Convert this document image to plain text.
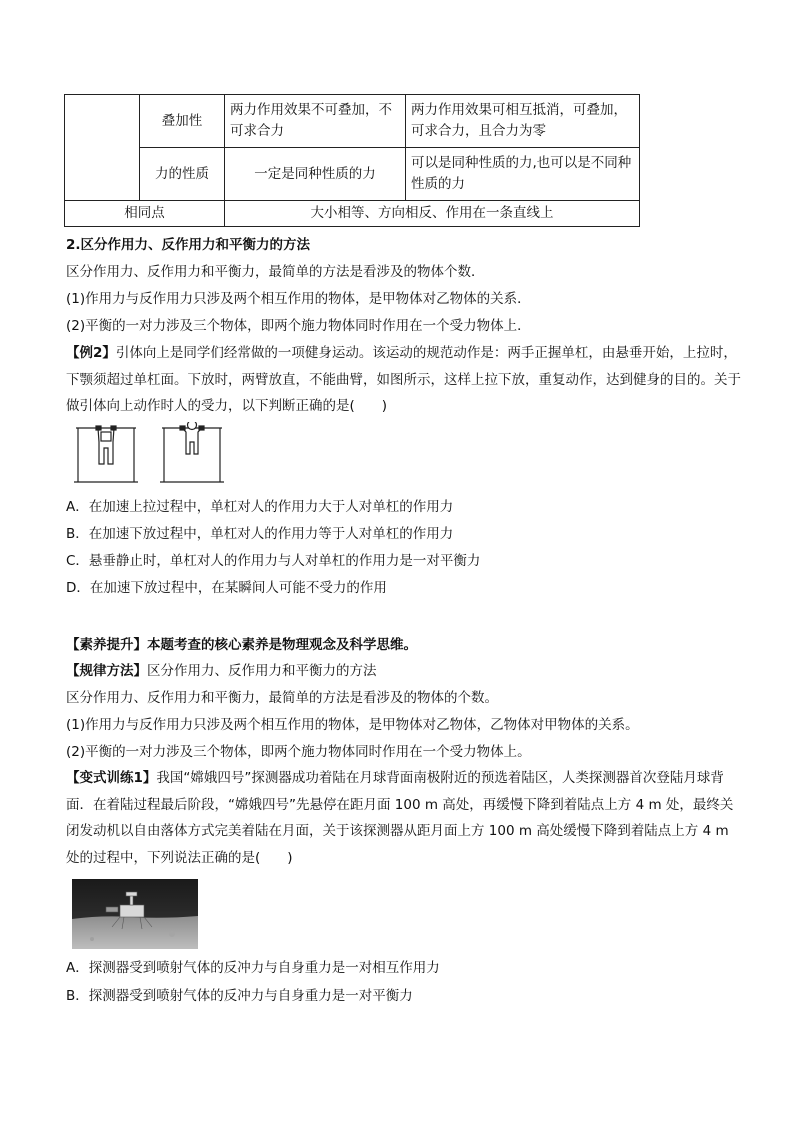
	叠加性	两力作用效果不可叠加，不可求合力	两力作用效果可相互抵消，可叠加，可求合力，且合力为零
	力的性质	一定是同种性质的力	可以是同种性质的力,也可以是不同种性质的力
相同点		大小相等、方向相反、作用在一条直线上	
2.区分作用力、反作用力和平衡力的方法
区分作用力、反作用力和平衡力，最简单的方法是看涉及的物体个数．
(1)作用力与反作用力只涉及两个相互作用的物体，是甲物体对乙物体的关系．
(2)平衡的一对力涉及三个物体，即两个施力物体同时作用在一个受力物体上．
【例2】引体向上是同学们经常做的一项健身运动。该运动的规范动作是：两手正握单杠，由悬垂开始，上拉时，下颚须超过单杠面。下放时，两臂放直，不能曲臂，如图所示，这样上拉下放，重复动作，达到健身的目的。关于做引体向上动作时人的受力，以下判断正确的是(　　)
A．在加速上拉过程中，单杠对人的作用力大于人对单杠的作用力
B．在加速下放过程中，单杠对人的作用力等于人对单杠的作用力
C．悬垂静止时，单杠对人的作用力与人对单杠的作用力是一对平衡力
D．在加速下放过程中，在某瞬间人可能不受力的作用
【素养提升】本题考查的核心素养是物理观念及科学思维。
【规律方法】区分作用力、反作用力和平衡力的方法
区分作用力、反作用力和平衡力，最简单的方法是看涉及的物体的个数。
(1)作用力与反作用力只涉及两个相互作用的物体，是甲物体对乙物体，乙物体对甲物体的关系。
(2)平衡的一对力涉及三个物体，即两个施力物体同时作用在一个受力物体上。
【变式训练1】我国“嫦娥四号”探测器成功着陆在月球背面南极附近的预选着陆区，人类探测器首次登陆月球背面．在着陆过程最后阶段，“嫦娥四号”先悬停在距月面 100 m 高处，再缓慢下降到着陆点上方 4 m 处，最终关闭发动机以自由落体方式完美着陆在月面，关于该探测器从距月面上方 100 m 高处缓慢下降到着陆点上方 4 m 处的过程中，下列说法正确的是(　　)
A．探测器受到喷射气体的反冲力与自身重力是一对相互作用力
B．探测器受到喷射气体的反冲力与自身重力是一对平衡力
